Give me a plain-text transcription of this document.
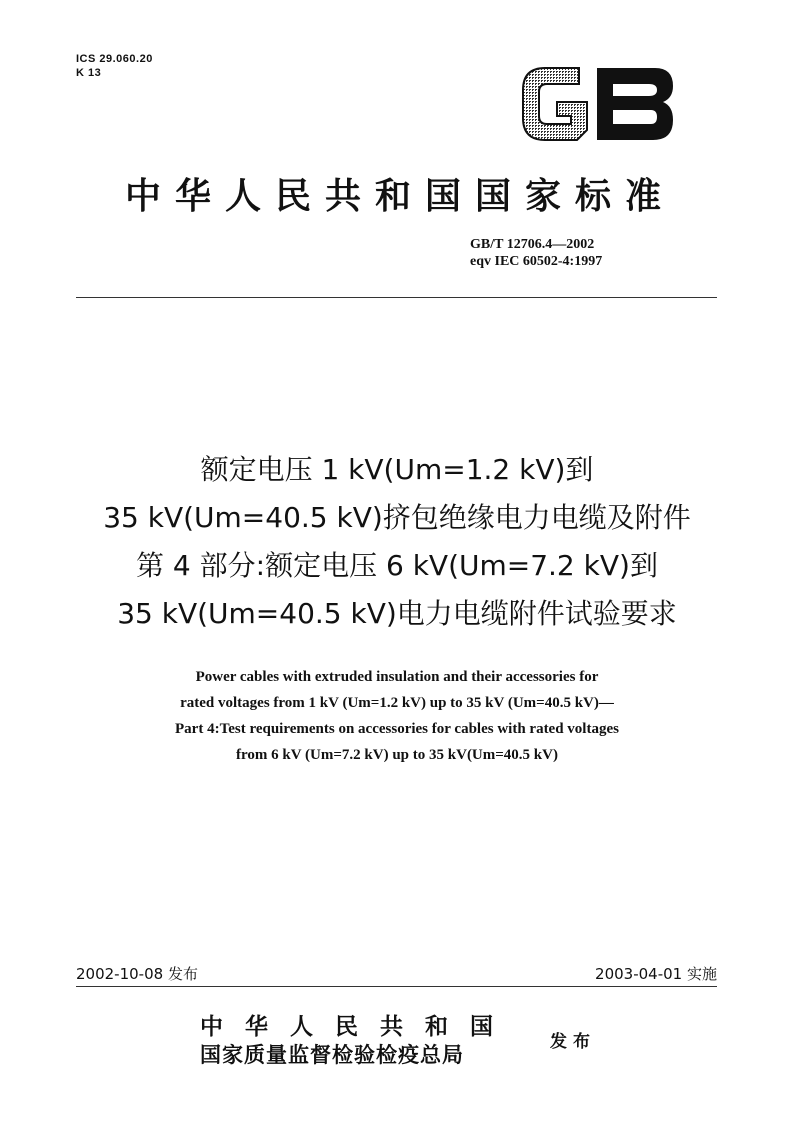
ICS 29.060.20
K 13
中华人民共和国国家标准
GB/T 12706.4—2002
eqv IEC 60502-4:1997
额定电压 1 kV(Um=1.2 kV)到
35 kV(Um=40.5 kV)挤包绝缘电力电缆及附件
第 4 部分:额定电压 6 kV(Um=7.2 kV)到
35 kV(Um=40.5 kV)电力电缆附件试验要求
Power cables with extruded insulation and their accessories for
rated voltages from 1 kV (Um=1.2 kV) up to 35 kV (Um=40.5 kV)—
Part 4:Test requirements on accessories for cables with rated voltages
from 6 kV (Um=7.2 kV) up to 35 kV(Um=40.5 kV)
2002-10-08 发布	2003-04-01 实施
中华人民共和国
国家质量监督检验检疫总局
发布
